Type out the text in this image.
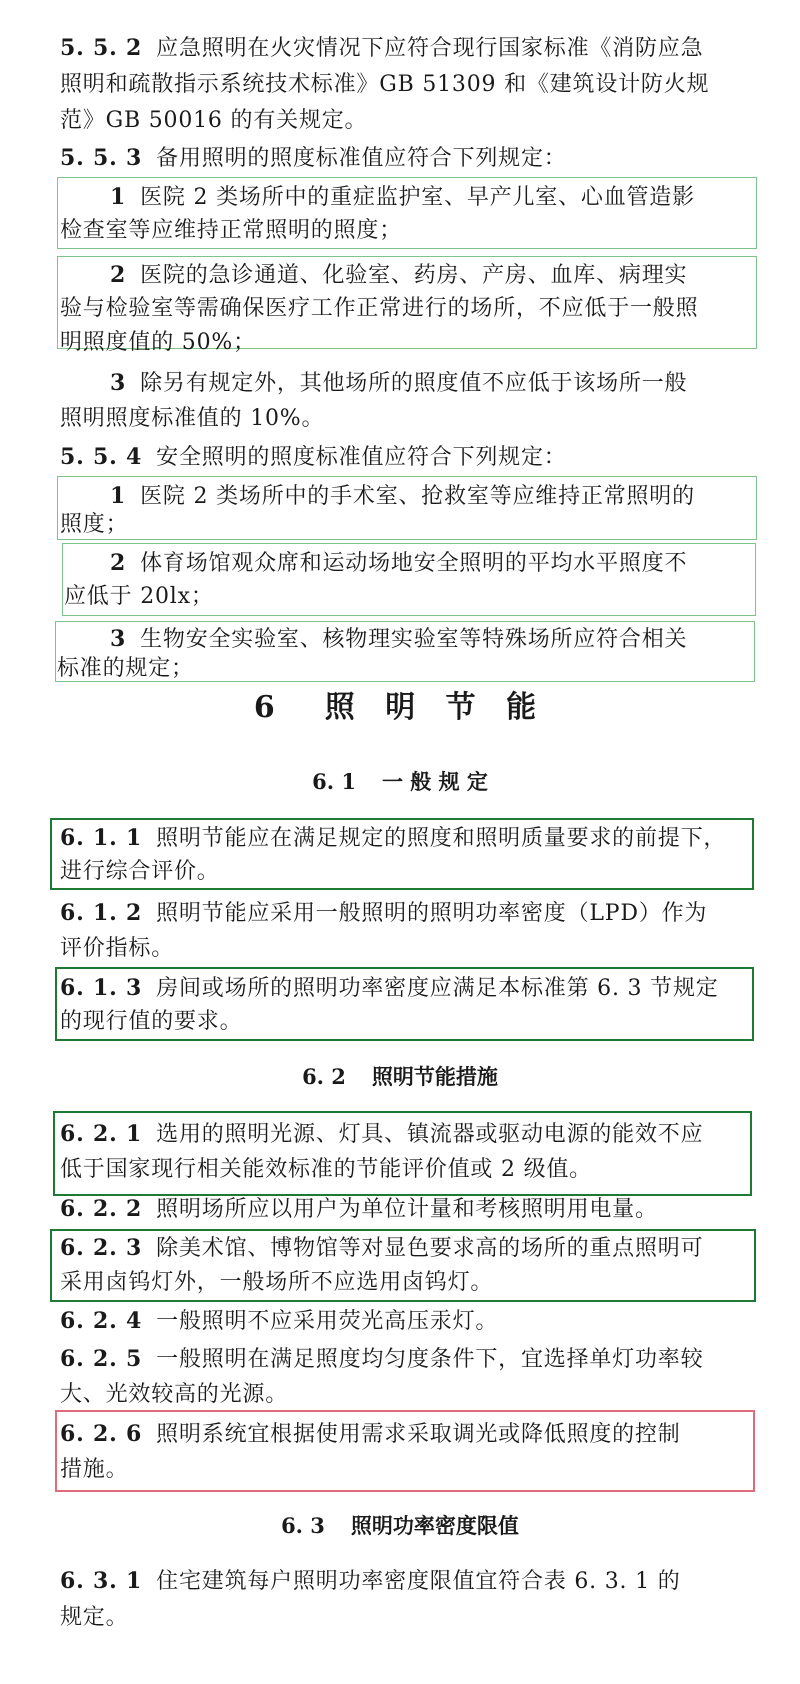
5. 5. 2 应急照明在火灾情况下应符合现行国家标准《消防应急
照明和疏散指示系统技术标准》GB 51309 和《建筑设计防火规
范》GB 50016 的有关规定。
5. 5. 3 备用照明的照度标准值应符合下列规定：
1 医院 2 类场所中的重症监护室、早产儿室、心血管造影
检查室等应维持正常照明的照度；
2 医院的急诊通道、化验室、药房、产房、血库、病理实
验与检验室等需确保医疗工作正常进行的场所，不应低于一般照
明照度值的 50%；
3 除另有规定外，其他场所的照度值不应低于该场所一般
照明照度标准值的 10%。
5. 5. 4 安全照明的照度标准值应符合下列规定：
1 医院 2 类场所中的手术室、抢救室等应维持正常照明的
照度；
2 体育场馆观众席和运动场地安全照明的平均水平照度不
应低于 20lx；
3 生物安全实验室、核物理实验室等特殊场所应符合相关
标准的规定；
6　照 明 节 能
6. 1 一 般 规 定
6. 1. 1 照明节能应在满足规定的照度和照明质量要求的前提下，
进行综合评价。
6. 1. 2 照明节能应采用一般照明的照明功率密度（LPD）作为
评价指标。
6. 1. 3 房间或场所的照明功率密度应满足本标准第 6. 3 节规定
的现行值的要求。
6. 2 照明节能措施
6. 2. 1 选用的照明光源、灯具、镇流器或驱动电源的能效不应
低于国家现行相关能效标准的节能评价值或 2 级值。
6. 2. 2 照明场所应以用户为单位计量和考核照明用电量。
6. 2. 3 除美术馆、博物馆等对显色要求高的场所的重点照明可
采用卤钨灯外，一般场所不应选用卤钨灯。
6. 2. 4 一般照明不应采用荧光高压汞灯。
6. 2. 5 一般照明在满足照度均匀度条件下，宜选择单灯功率较
大、光效较高的光源。
6. 2. 6 照明系统宜根据使用需求采取调光或降低照度的控制
措施。
6. 3 照明功率密度限值
6. 3. 1 住宅建筑每户照明功率密度限值宜符合表 6. 3. 1 的
规定。
